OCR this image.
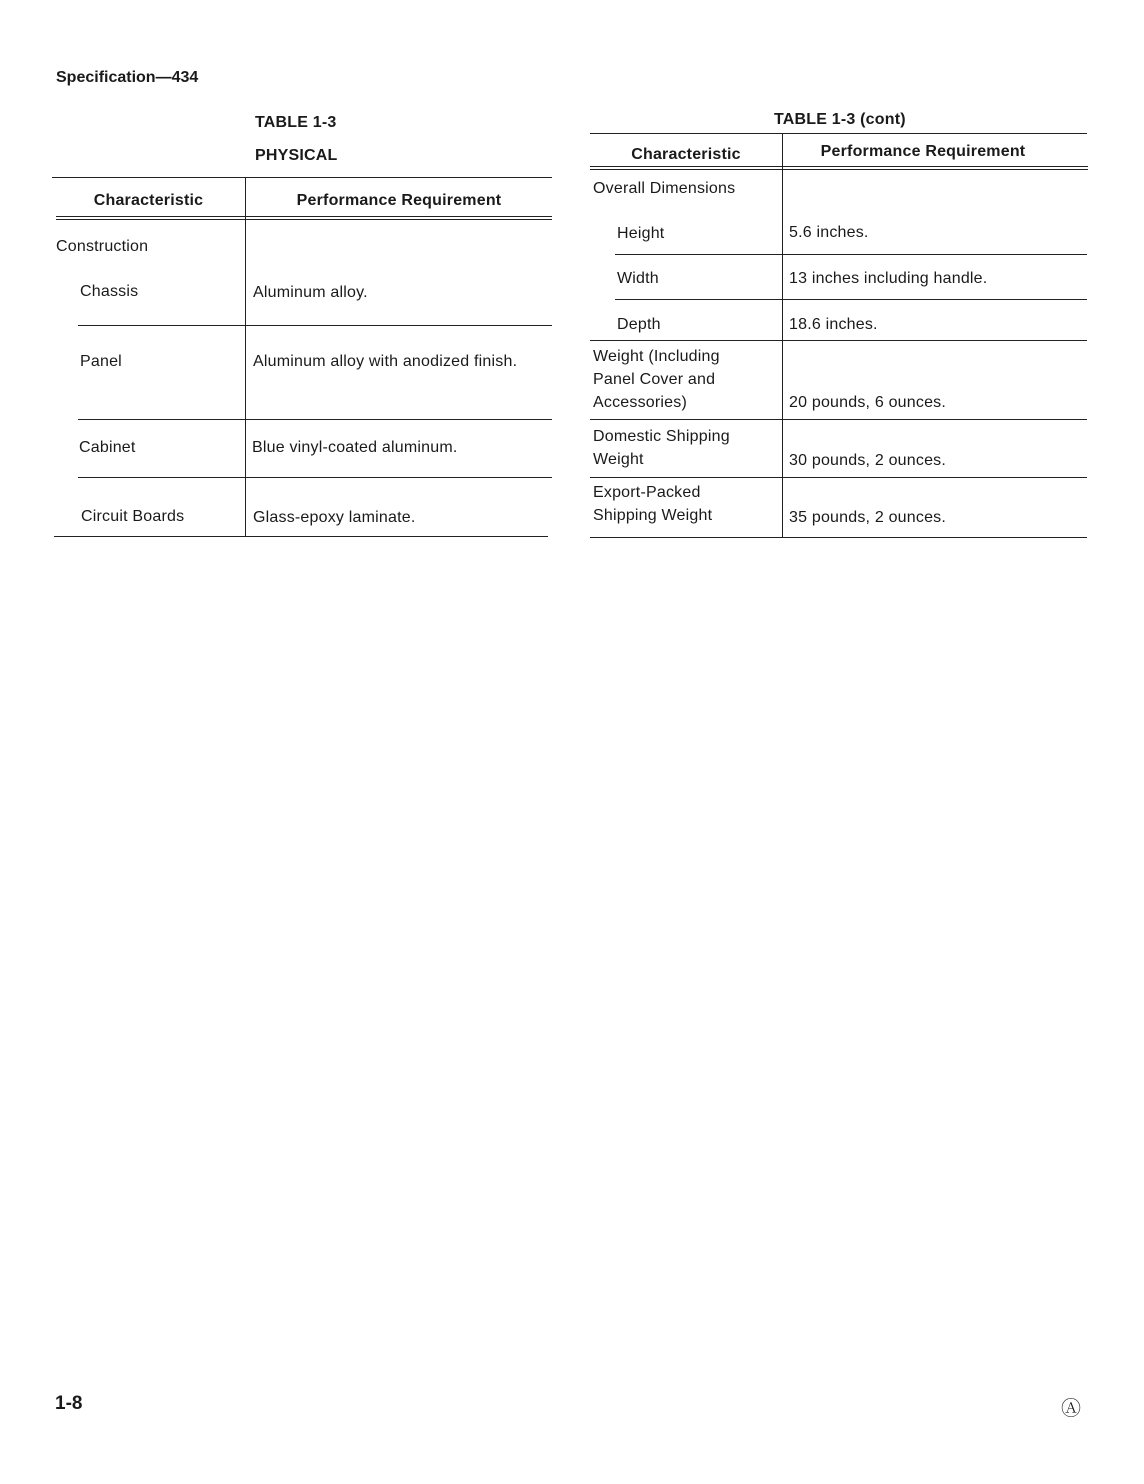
Specification—434
TABLE 1-3
PHYSICAL
Characteristic	Performance Requirement
Construction
Chassis	Aluminum alloy.
Panel	Aluminum alloy with anodized finish.
Cabinet	Blue vinyl-coated aluminum.
Circuit Boards	Glass-epoxy laminate.
TABLE 1-3 (cont)
Characteristic	Performance Requirement
Overall Dimensions
Height	5.6 inches.
Width	13 inches including handle.
Depth	18.6 inches.
Weight (Including
Panel Cover and
Accessories)	20 pounds, 6 ounces.
Domestic Shipping
Weight	30 pounds, 2 ounces.
Export-Packed
Shipping Weight	35 pounds, 2 ounces.
1-8	Ⓐ
